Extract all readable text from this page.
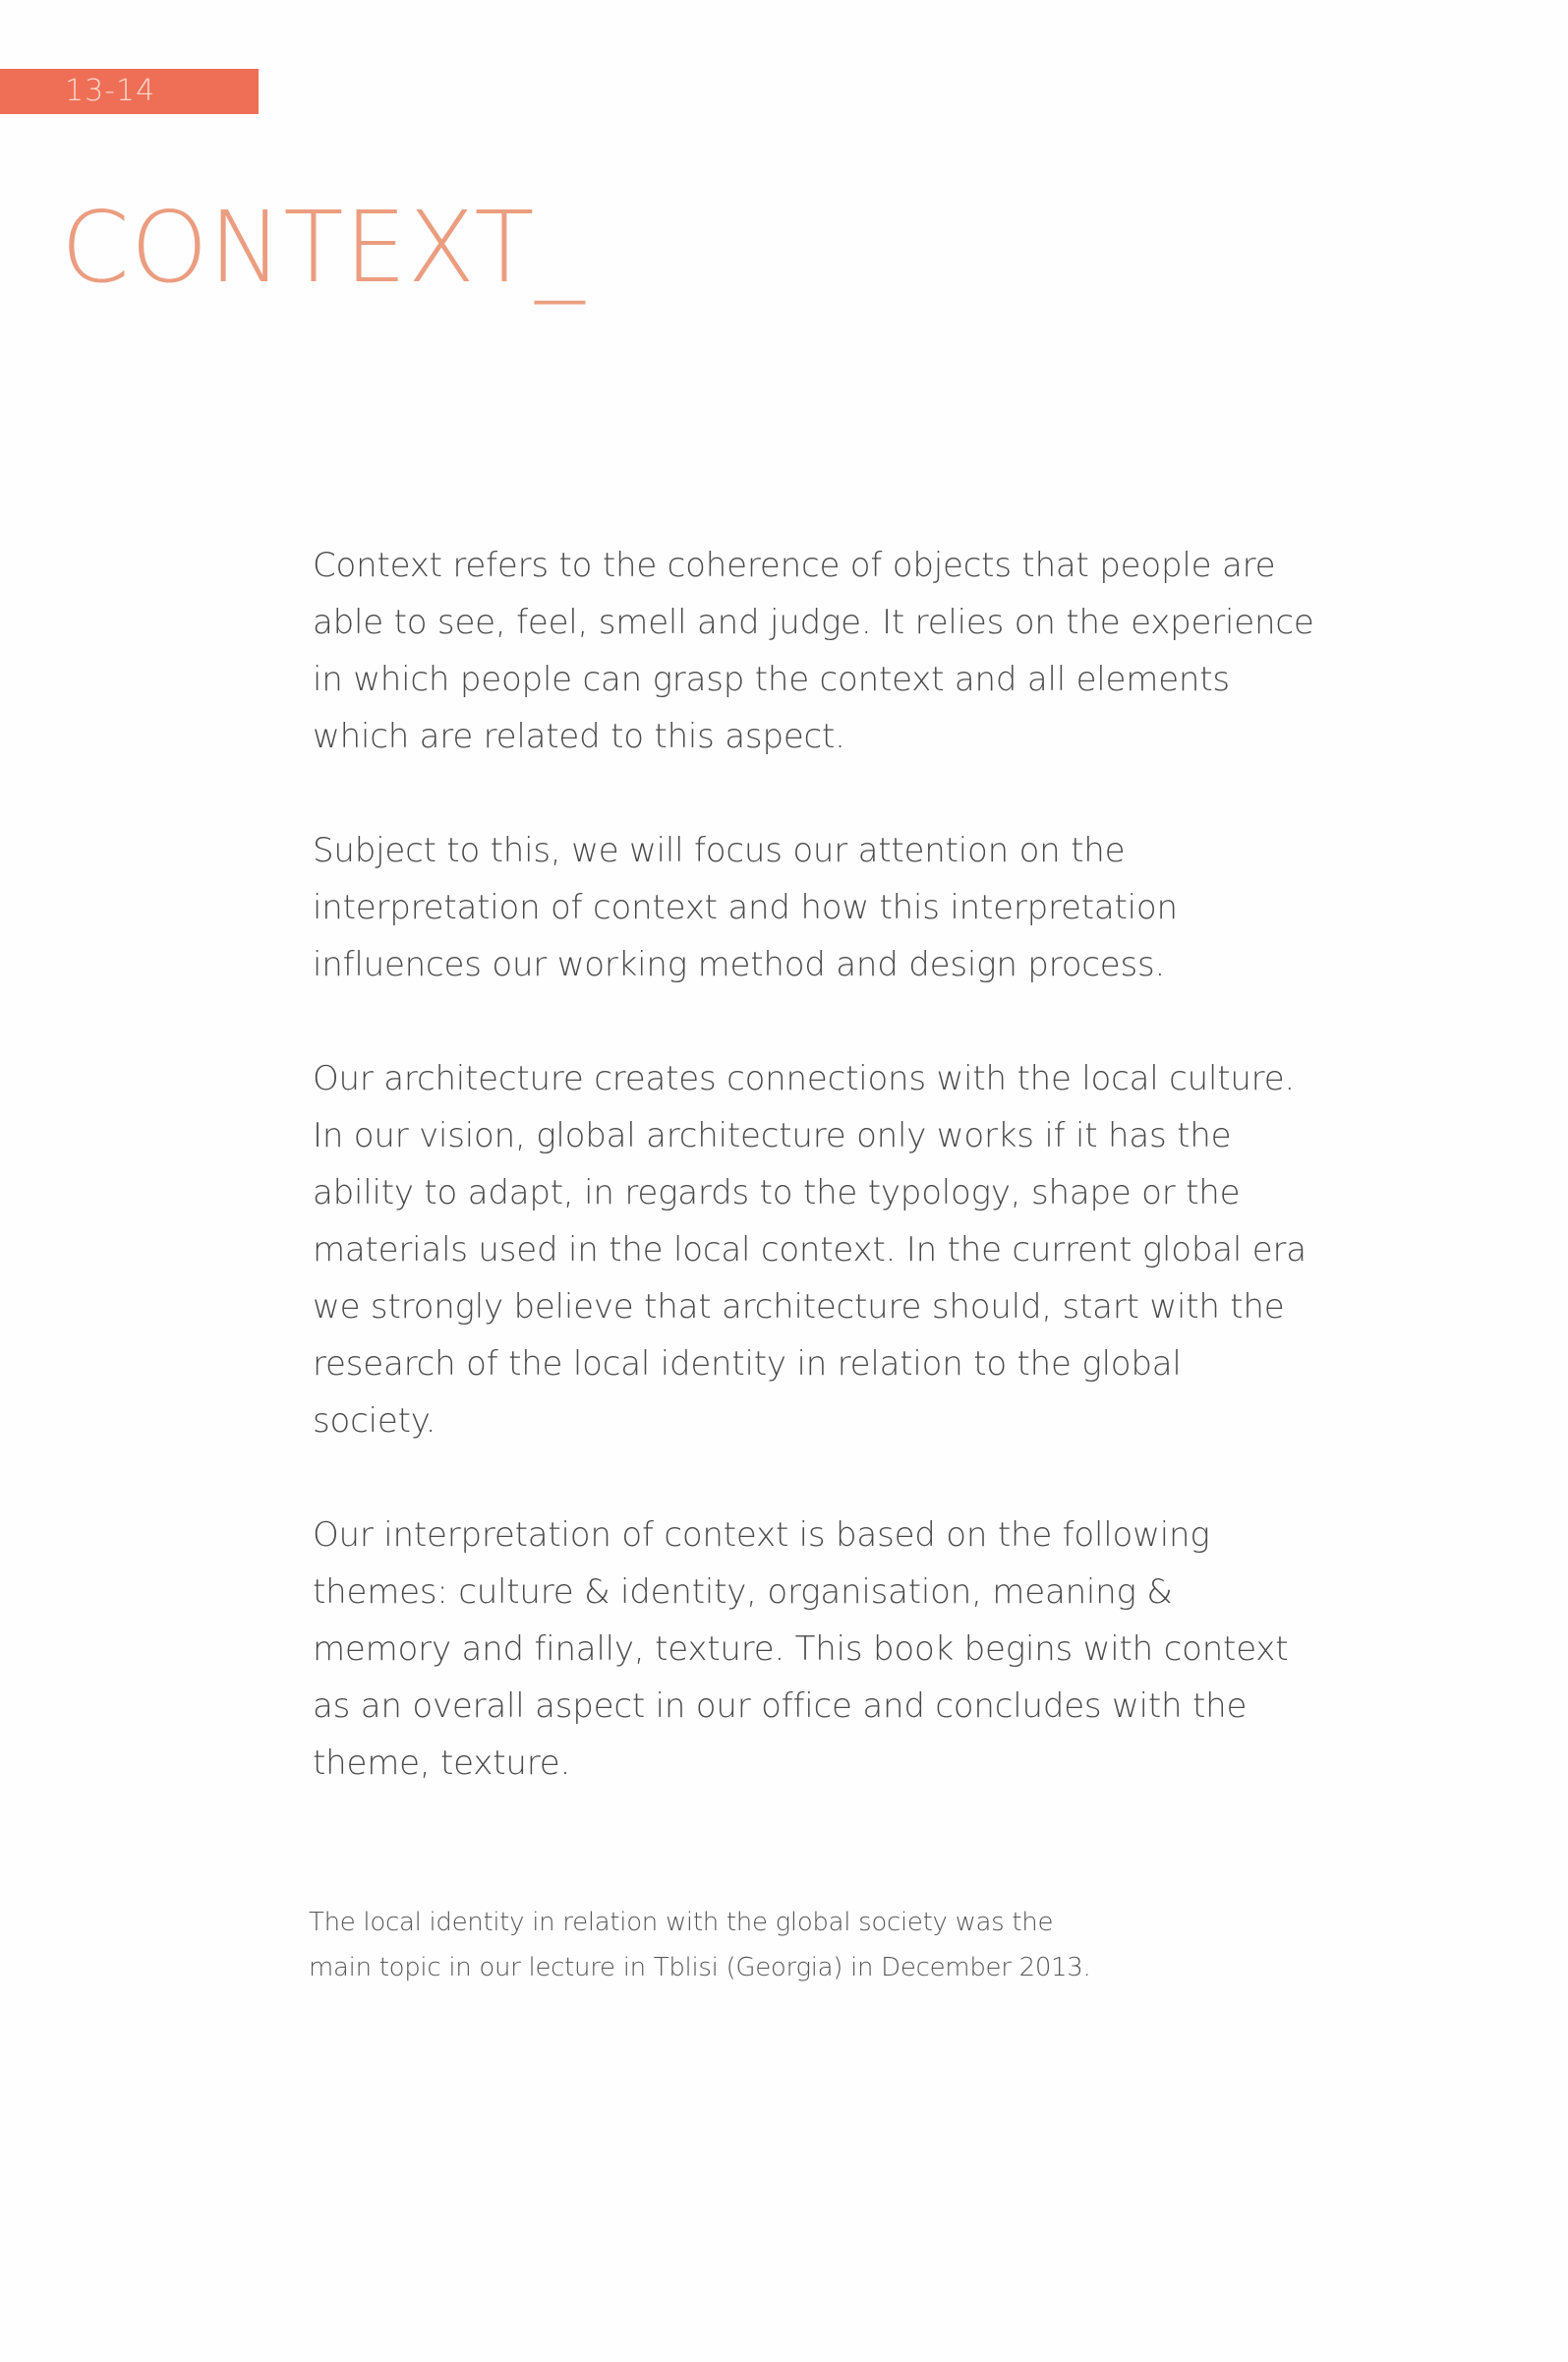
13-14
CONTEXT_

Context refers to the coherence of objects that people are
able to see, feel, smell and judge. It relies on the experience
in which people can grasp the context and all elements
which are related to this aspect.

Subject to this, we will focus our attention on the
interpretation of context and how this interpretation
influences our working method and design process.

Our architecture creates connections with the local culture.
In our vision, global architecture only works if it has the
ability to adapt, in regards to the typology, shape or the
materials used in the local context. In the current global era
we strongly believe that architecture should, start with the
research of the local identity in relation to the global
society.

Our interpretation of context is based on the following
themes: culture & identity, organisation, meaning &
memory and finally, texture. This book begins with context
as an overall aspect in our office and concludes with the
theme, texture.

The local identity in relation with the global society was the
main topic in our lecture in Tblisi (Georgia) in December 2013.
